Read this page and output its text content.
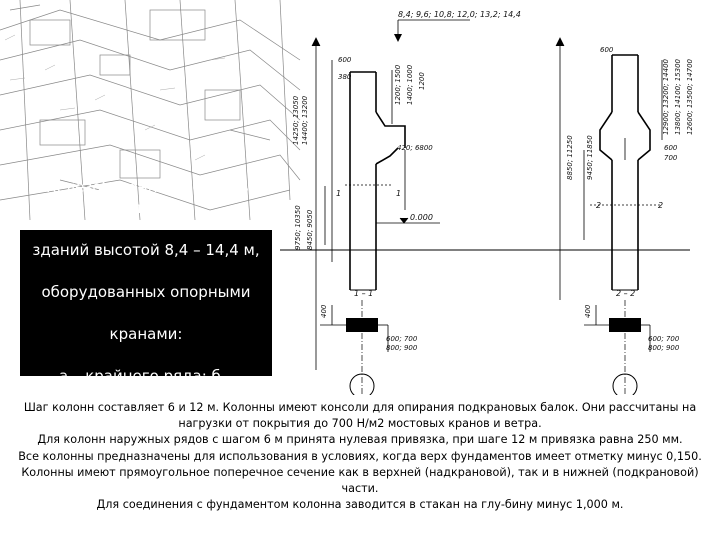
8,4; 9,6; 10,8; 12,0; 13,2; 14,4
600
380
14250; 13050 14400; 13200
1200; 1500 1400; 1000 1200
420; 6800
9750; 10350 8450; 9050	0.000
1	1
600
12900; 13200; 14400 13800; 14100; 15300 12600; 13500; 14700
8850; 11250 9450; 11850	600
700
2	2
1 – 1
400
600; 700
800; 900
2 – 2
400
600; 700
800; 900

Железобетонные колонны для

зданий высотой 8,4 – 14,4 м,

оборудованных опорными

кранами:

а – крайнего ряда; б –

среднего ряда

Шаг колонн составляет 6 и 12 м. Колонны имеют консоли для опирания подкрановых балок. Они рассчитаны на
нагрузки от покрытия до 700 Н/м2 мостовых кранов и ветра.
Для колонн наружных рядов с шагом 6 м принята нулевая привязка, при шаге 12 м привязка равна 250 мм.
Все колонны предназначены для использования в условиях, когда верх фундаментов имеет отметку минус 0,150.
Колонны имеют прямоугольное поперечное сечение как в верхней (надкрановой), так и в нижней (подкрановой)
части.
Для соединения с фундаментом колонна заводится в стакан на глу-бину минус 1,000 м.
